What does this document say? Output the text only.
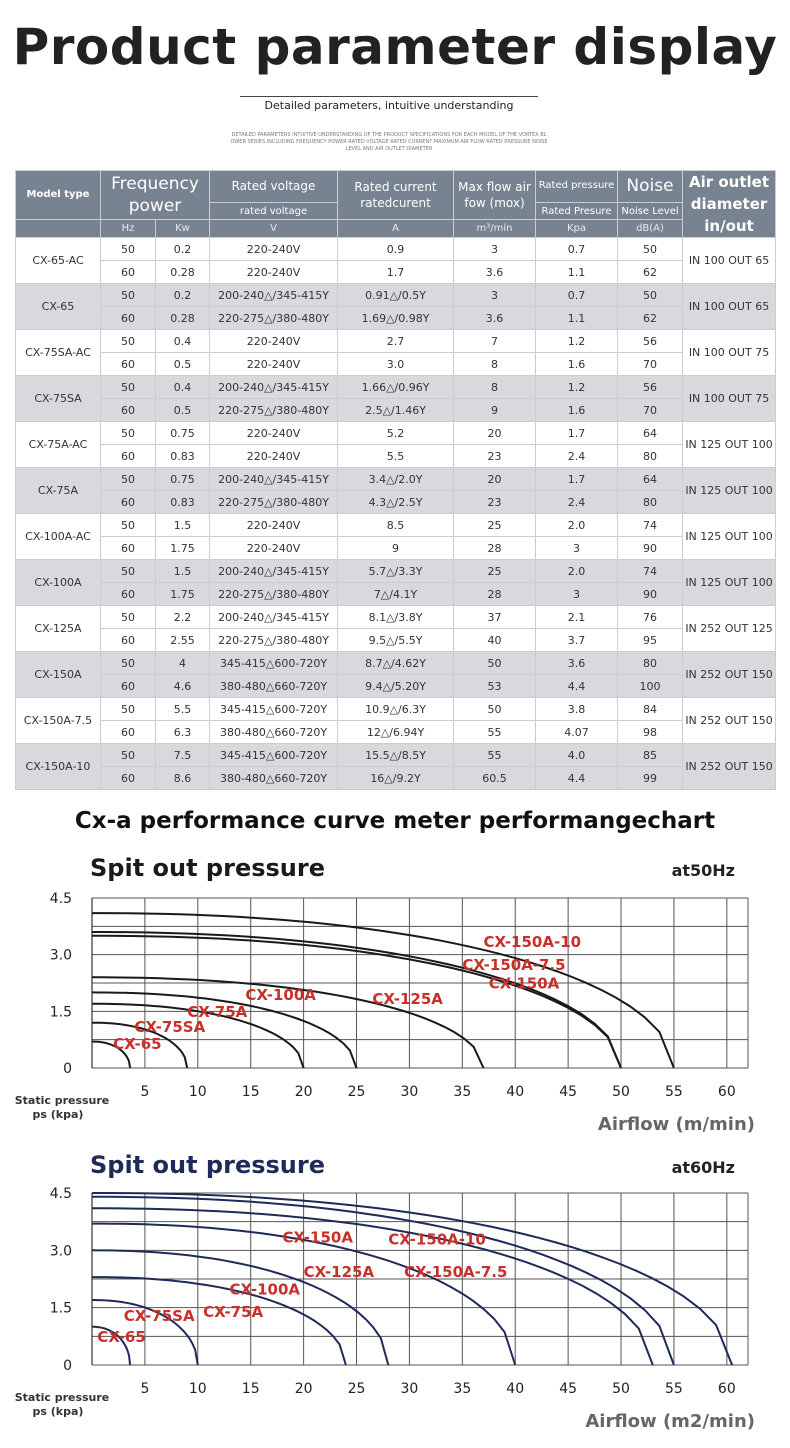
Product parameter display
Detailed parameters, intuitive understanding
DETAILED PARAMETERS INTUITIVE UNDERSTANDING OF THE PRODUCT SPECIFICATIONS FOR EACH MODEL OF THE VORTEX BLOWER SERIES INCLUDING FREQUENCY POWER RATED VOLTAGE RATED CURRENT MAXIMUM AIR FLOW RATED PRESSURE NOISE LEVEL AND AIR OUTLET DIAMETER
Model type	Frequency
power		Rated voltage	Rated current ratedcurent	Max flow air fow (mox)	Rated pressure	Noise	Air outlet diameter in/out
			rated voltage			Rated Presure	Noise Level	
	Hz	Kw	V	A	m³/min	Kpa	dB(A)	
CX-65-AC	50	0.2	220-240V	0.9	3	0.7	50	IN 100 OUT 65
	60	0.28	220-240V	1.7	3.6	1.1	62	
CX-65	50	0.2	200-240△/345-415Y	0.91△/0.5Y	3	0.7	50	IN 100 OUT 65
	60	0.28	220-275△/380-480Y	1.69△/0.98Y	3.6	1.1	62	
CX-75SA-AC	50	0.4	220-240V	2.7	7	1.2	56	IN 100 OUT 75
	60	0.5	220-240V	3.0	8	1.6	70	
CX-75SA	50	0.4	200-240△/345-415Y	1.66△/0.96Y	8	1.2	56	IN 100 OUT 75
	60	0.5	220-275△/380-480Y	2.5△/1.46Y	9	1.6	70	
CX-75A-AC	50	0.75	220-240V	5.2	20	1.7	64	IN 125 OUT 100
	60	0.83	220-240V	5.5	23	2.4	80	
CX-75A	50	0.75	200-240△/345-415Y	3.4△/2.0Y	20	1.7	64	IN 125 OUT 100
	60	0.83	220-275△/380-480Y	4.3△/2.5Y	23	2.4	80	
CX-100A-AC	50	1.5	220-240V	8.5	25	2.0	74	IN 125 OUT 100
	60	1.75	220-240V	9	28	3	90	
CX-100A	50	1.5	200-240△/345-415Y	5.7△/3.3Y	25	2.0	74	IN 125 OUT 100
	60	1.75	220-275△/380-480Y	7△/4.1Y	28	3	90	
CX-125A	50	2.2	200-240△/345-415Y	8.1△/3.8Y	37	2.1	76	IN 252 OUT 125
	60	2.55	220-275△/380-480Y	9.5△/5.5Y	40	3.7	95	
CX-150A	50	4	345-415△600-720Y	8.7△/4.62Y	50	3.6	80	IN 252 OUT 150
	60	4.6	380-480△660-720Y	9.4△/5.20Y	53	4.4	100	
CX-150A-7.5	50	5.5	345-415△600-720Y	10.9△/6.3Y	50	3.8	84	IN 252 OUT 150
	60	6.3	380-480△660-720Y	12△/6.94Y	55	4.07	98	
CX-150A-10	50	7.5	345-415△600-720Y	15.5△/8.5Y	55	4.0	85	IN 252 OUT 150
	60	8.6	380-480△660-720Y	16△/9.2Y	60.5	4.4	99	
Cx-a performance curve meter performangechart
Spit out pressure	at50Hz
0
1.5
3.0
4.5
5	10	15	20	25	30	35	40	45	50	55	60
Static pressure
ps (kpa)	Airflow (m/min)
CX-65
CX-75SA
CX-75A
CX-100A	CX-125A
CX-150A
CX-150A-7.5
CX-150A-10
Spit out pressure	at60Hz
0
1.5
3.0
4.5
5	10	15	20	25	30	35	40	45	50	55	60
Static pressure
ps (kpa)	Airflow (m2/min)
CX-65
CX-75SA CX-75A
CX-100A
CX-125A
CX-150A
CX-150A-7.5
CX-150A-10
